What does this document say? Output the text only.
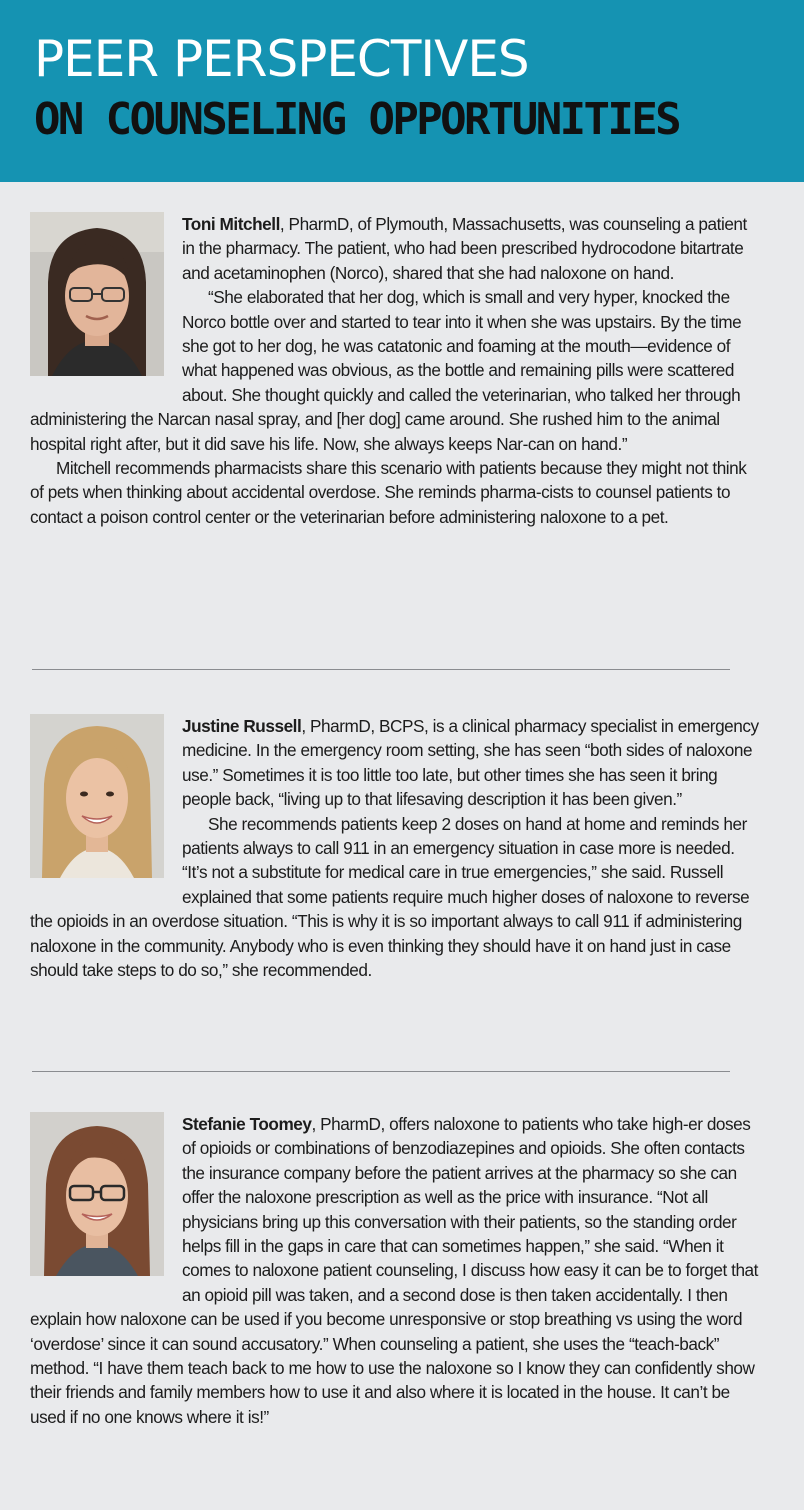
PEER PERSPECTIVES
ON COUNSELING OPPORTUNITIES

Toni Mitchell, PharmD, of Plymouth, Massachusetts, was counseling a patient in the pharmacy. The patient, who had been prescribed hydrocodone bitartrate and acetaminophen (Norco), shared that she had naloxone on hand.

“She elaborated that her dog, which is small and very hyper, knocked the Norco bottle over and started to tear into it when she was upstairs. By the time she got to her dog, he was catatonic and foaming at the mouth—evidence of what happened was obvious, as the bottle and remaining pills were scattered about. She thought quickly and called the veterinarian, who talked her through administering the Narcan nasal spray, and [her dog] came around. She rushed him to the animal hospital right after, but it did save his life. Now, she always keeps Nar-can on hand.”

Mitchell recommends pharmacists share this scenario with patients because they might not think of pets when thinking about accidental overdose. She reminds pharma-cists to counsel patients to contact a poison control center or the veterinarian before administering naloxone to a pet.

Justine Russell, PharmD, BCPS, is a clinical pharmacy specialist in emergency medicine. In the emergency room setting, she has seen “both sides of naloxone use.” Sometimes it is too little too late, but other times she has seen it bring people back, “living up to that lifesaving description it has been given.”

She recommends patients keep 2 doses on hand at home and reminds her patients always to call 911 in an emergency situation in case more is needed. “It’s not a substitute for medical care in true emergencies,” she said. Russell explained that some patients require much higher doses of naloxone to reverse the opioids in an overdose situation. “This is why it is so important always to call 911 if administering naloxone in the community. Anybody who is even thinking they should have it on hand just in case should take steps to do so,” she recommended.

Stefanie Toomey, PharmD, offers naloxone to patients who take high-er doses of opioids or combinations of benzodiazepines and opioids. She often contacts the insurance company before the patient arrives at the pharmacy so she can offer the naloxone prescription as well as the price with insurance. “Not all physicians bring up this conversation with their patients, so the standing order helps fill in the gaps in care that can sometimes happen,” she said. “When it comes to naloxone patient counseling, I discuss how easy it can be to forget that an opioid pill was taken, and a second dose is then taken accidentally. I then explain how naloxone can be used if you become unresponsive or stop breathing vs using the word ‘overdose’ since it can sound accusatory.” When counseling a patient, she uses the “teach-back” method. “I have them teach back to me how to use the naloxone so I know they can confidently show their friends and family members how to use it and also where it is located in the house. It can’t be used if no one knows where it is!”
